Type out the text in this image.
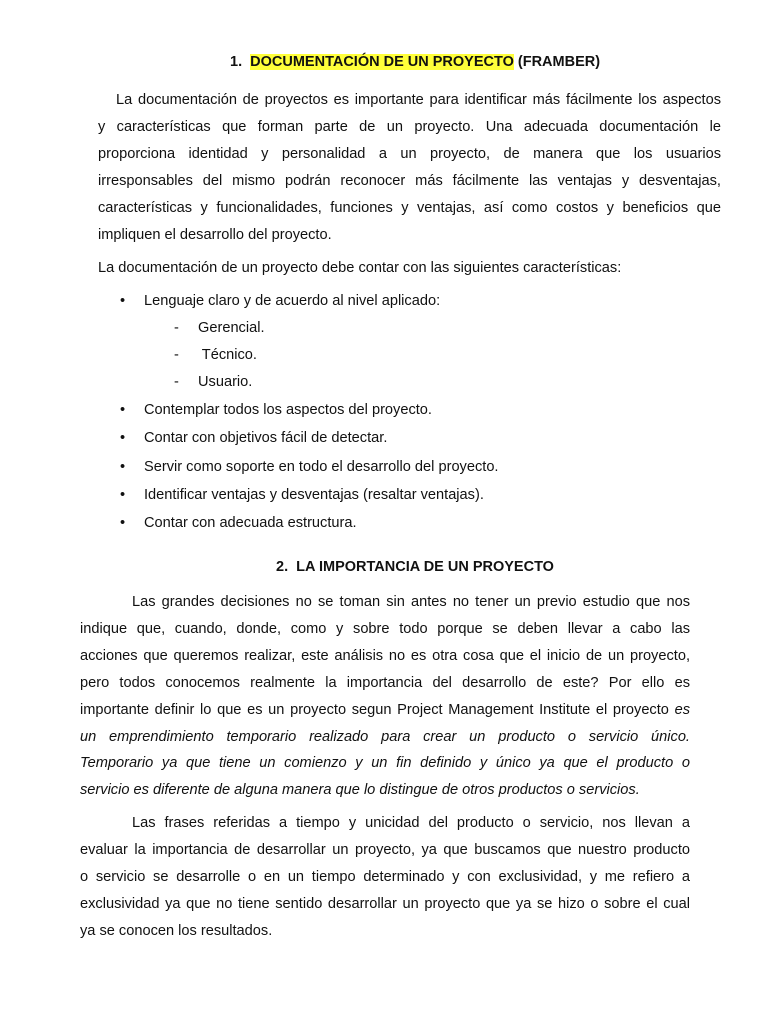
1. DOCUMENTACIÓN DE UN PROYECTO (FRAMBER)
La documentación de proyectos es importante para identificar más fácilmente los aspectos
y características que forman parte de un proyecto. Una adecuada documentación le
proporciona identidad y personalidad a un proyecto, de manera que los usuarios
irresponsables del mismo podrán reconocer más fácilmente las ventajas y desventajas,
características y funcionalidades, funciones y ventajas, así como costos y beneficios que
impliquen el desarrollo del proyecto.
La documentación de un proyecto debe contar con las siguientes características:
• Lenguaje claro y de acuerdo al nivel aplicado:
- Gerencial.
- Técnico.
- Usuario.
• Contemplar todos los aspectos del proyecto.
• Contar con objetivos fácil de detectar.
• Servir como soporte en todo el desarrollo del proyecto.
• Identificar ventajas y desventajas (resaltar ventajas).
• Contar con adecuada estructura.
2. LA IMPORTANCIA DE UN PROYECTO
Las grandes decisiones no se toman sin antes no tener un previo estudio que nos
indique que, cuando, donde, como y sobre todo porque se deben llevar a cabo las
acciones que queremos realizar, este análisis no es otra cosa que el inicio de un proyecto,
pero todos conocemos realmente la importancia del desarrollo de este? Por ello es
importante definir lo que es un proyecto segun Project Management Institute el proyecto es
un emprendimiento temporario realizado para crear un producto o servicio único.
Temporario ya que tiene un comienzo y un fin definido y único ya que el producto o
servicio es diferente de alguna manera que lo distingue de otros productos o servicios.
Las frases referidas a tiempo y unicidad del producto o servicio, nos llevan a
evaluar la importancia de desarrollar un proyecto, ya que buscamos que nuestro producto
o servicio se desarrolle o en un tiempo determinado y con exclusividad, y me refiero a
exclusividad ya que no tiene sentido desarrollar un proyecto que ya se hizo o sobre el cual
ya se conocen los resultados.
